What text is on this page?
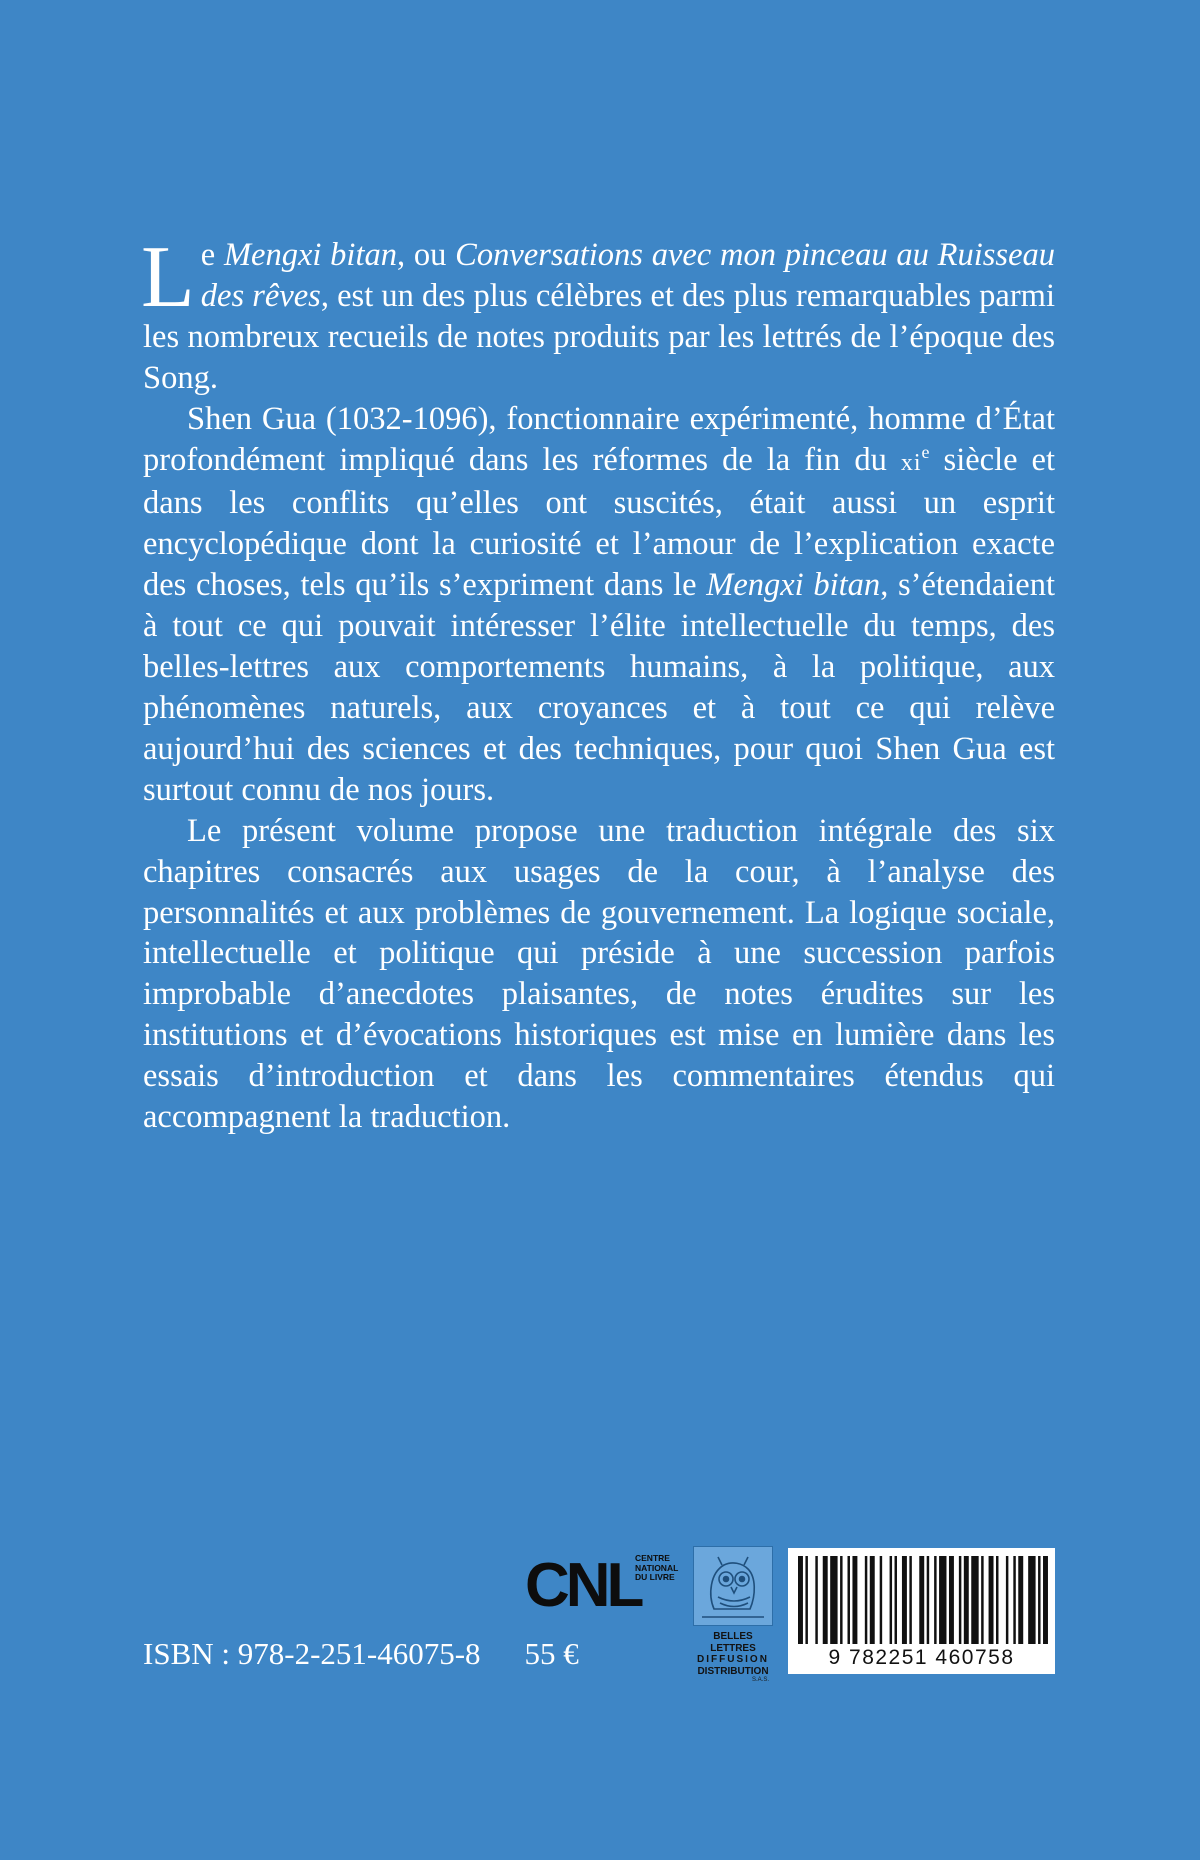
Le Mengxi bitan, ou Conversations avec mon pinceau au Ruisseau des rêves, est un des plus célèbres et des plus remarquables parmi les nombreux recueils de notes produits par les lettrés de l’époque des Song.

Shen Gua (1032-1096), fonctionnaire expérimenté, homme d’État profondément impliqué dans les réformes de la fin du $xi^e$ siècle et dans les conflits qu’elles ont suscités, était aussi un esprit encyclopédique dont la curiosité et l’amour de l’explication exacte des choses, tels qu’ils s’expriment dans le Mengxi bitan, s’étendaient à tout ce qui pouvait intéresser l’élite intellectuelle du temps, des belles-lettres aux comportements humains, à la politique, aux phénomènes naturels, aux croyances et à tout ce qui relève aujourd’hui des sciences et des techniques, pour quoi Shen Gua est surtout connu de nos jours.

Le présent volume propose une traduction intégrale des six chapitres consacrés aux usages de la cour, à l’analyse des personnalités et aux problèmes de gouvernement. La logique sociale, intellectuelle et politique qui préside à une succession parfois improbable d’anecdotes plaisantes, de notes érudites sur les institutions et d’évocations historiques est mise en lumière dans les essais d’introduction et dans les commentaires étendus qui accompagnent la traduction.

ISBN : 978-2-251-46075-8 55 €
CNL
CENTRE
NATIONAL
DU LIVRE
BELLES LETTRES
DIFFUSION
DISTRIBUTION
S.A.S.
9 782251 460758
